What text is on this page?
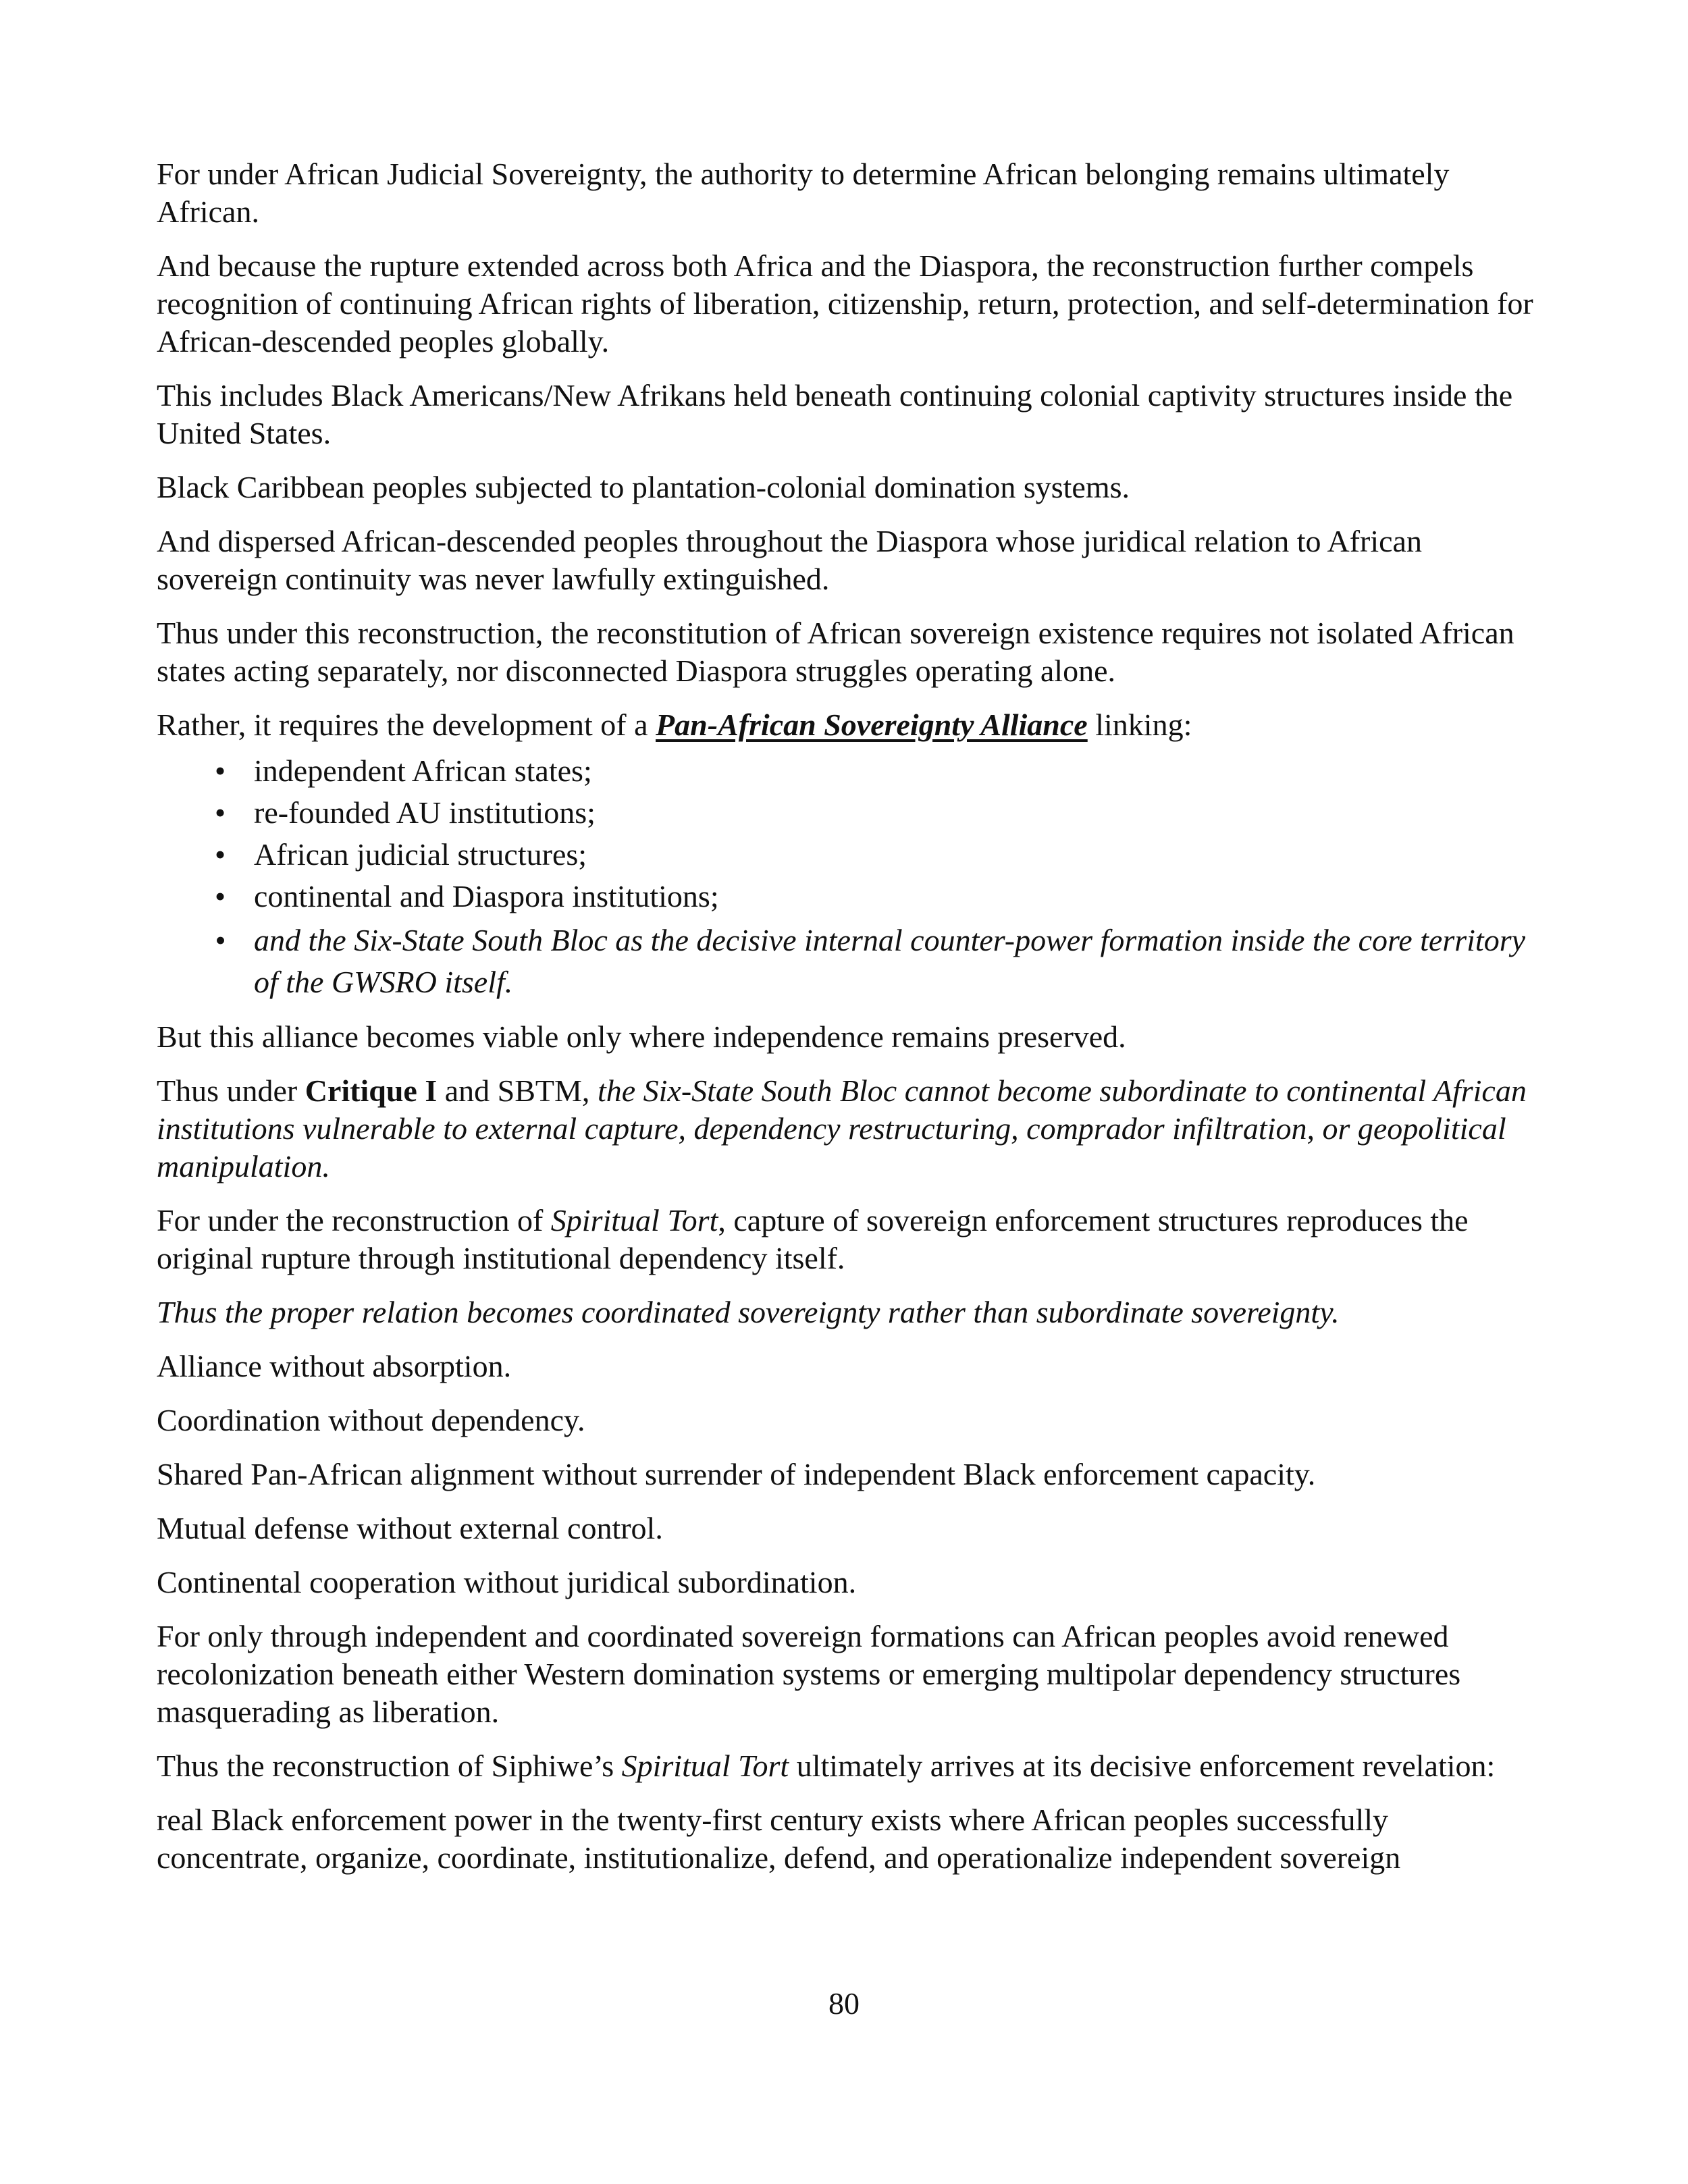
For under African Judicial Sovereignty, the authority to determine African belonging remains ultimately African.

And because the rupture extended across both Africa and the Diaspora, the reconstruction further compels recognition of continuing African rights of liberation, citizenship, return, protection, and self-determination for African-descended peoples globally.

This includes Black Americans/New Afrikans held beneath continuing colonial captivity structures inside the United States.

Black Caribbean peoples subjected to plantation-colonial domination systems.

And dispersed African-descended peoples throughout the Diaspora whose juridical relation to African sovereign continuity was never lawfully extinguished.

Thus under this reconstruction, the reconstitution of African sovereign existence requires not isolated African states acting separately, nor disconnected Diaspora struggles operating alone.

Rather, it requires the development of a Pan-African Sovereignty Alliance linking:

• independent African states;
• re-founded AU institutions;
• African judicial structures;
• continental and Diaspora institutions;
• and the Six-State South Bloc as the decisive internal counter-power formation inside the core territory of the GWSRO itself.

But this alliance becomes viable only where independence remains preserved.

Thus under Critique I and SBTM, the Six-State South Bloc cannot become subordinate to continental African institutions vulnerable to external capture, dependency restructuring, comprador infiltration, or geopolitical manipulation.

For under the reconstruction of Spiritual Tort, capture of sovereign enforcement structures reproduces the original rupture through institutional dependency itself.

Thus the proper relation becomes coordinated sovereignty rather than subordinate sovereignty.

Alliance without absorption.

Coordination without dependency.

Shared Pan-African alignment without surrender of independent Black enforcement capacity.

Mutual defense without external control.

Continental cooperation without juridical subordination.

For only through independent and coordinated sovereign formations can African peoples avoid renewed recolonization beneath either Western domination systems or emerging multipolar dependency structures masquerading as liberation.

Thus the reconstruction of Siphiwe’s Spiritual Tort ultimately arrives at its decisive enforcement revelation:

real Black enforcement power in the twenty-first century exists where African peoples successfully concentrate, organize, coordinate, institutionalize, defend, and operationalize independent sovereign

80
